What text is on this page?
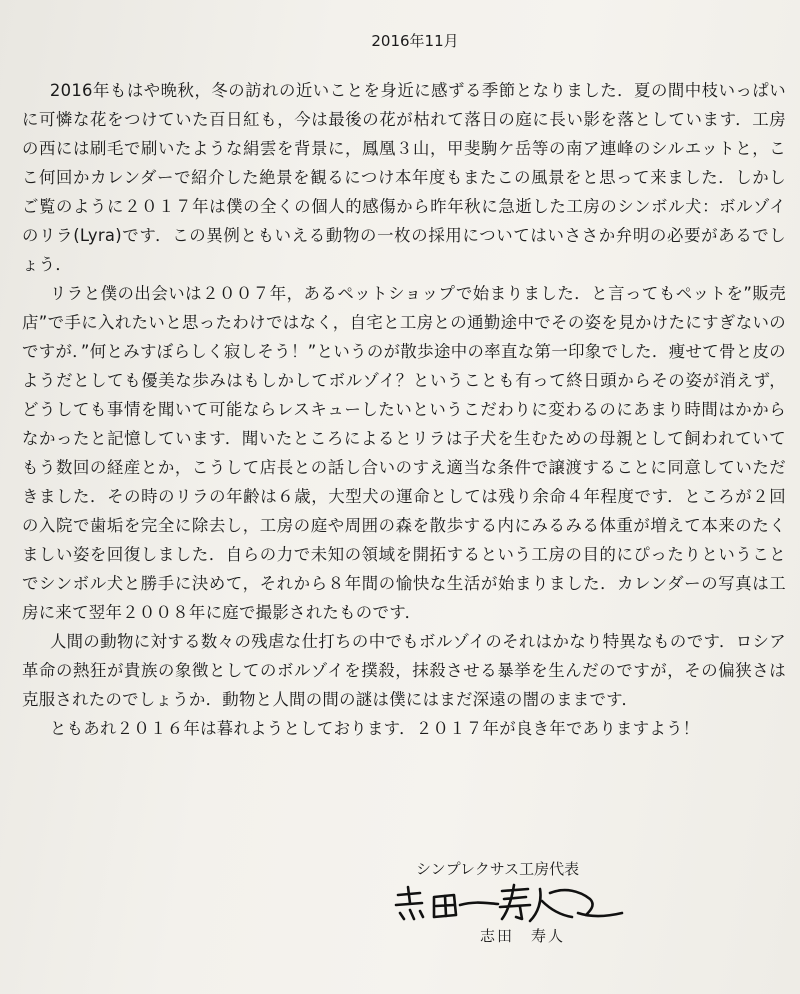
2016年11月

2016年もはや晩秋，冬の訪れの近いことを身近に感ずる季節となりました．夏の間中枝いっぱいに可憐な花をつけていた百日紅も，今は最後の花が枯れて落日の庭に長い影を落としています．工房の西には刷毛で刷いたような絹雲を背景に，鳳凰３山，甲斐駒ケ岳等の南ア連峰のシルエットと，ここ何回かカレンダーで紹介した絶景を観るにつけ本年度もまたこの風景をと思って来ました．しかしご覧のように２０１７年は僕の全くの個人的感傷から昨年秋に急逝した工房のシンボル犬：ボルゾイのリラ(Lyra)です．この異例ともいえる動物の一枚の採用についてはいささか弁明の必要があるでしょう．

リラと僕の出会いは２００７年，あるペットショップで始まりました．と言ってもペットを”販売店”で手に入れたいと思ったわけではなく，自宅と工房との通勤途中でその姿を見かけたにすぎないのですが．”何とみすぼらしく寂しそう！”というのが散歩途中の率直な第一印象でした．痩せて骨と皮のようだとしても優美な歩みはもしかしてボルゾイ？ということも有って終日頭からその姿が消えず，どうしても事情を聞いて可能ならレスキューしたいというこだわりに変わるのにあまり時間はかからなかったと記憶しています．聞いたところによるとリラは子犬を生むための母親として飼われていてもう数回の経産とか，こうして店長との話し合いのすえ適当な条件で譲渡することに同意していただきました．その時のリラの年齢は６歳，大型犬の運命としては残り余命４年程度です．ところが２回の入院で歯垢を完全に除去し，工房の庭や周囲の森を散歩する内にみるみる体重が増えて本来のたくましい姿を回復しました．自らの力で未知の領域を開拓するという工房の目的にぴったりということでシンボル犬と勝手に決めて，それから８年間の愉快な生活が始まりました．カレンダーの写真は工房に来て翌年２００８年に庭で撮影されたものです．

人間の動物に対する数々の残虐な仕打ちの中でもボルゾイのそれはかなり特異なものです．ロシア革命の熱狂が貴族の象徴としてのボルゾイを撲殺，抹殺させる暴挙を生んだのですが，その偏狭さは克服されたのでしょうか．動物と人間の間の謎は僕にはまだ深遠の闇のままです．

ともあれ２０１６年は暮れようとしております．２０１７年が良き年でありますよう！

シンプレクサス工房代表
志田　寿人
